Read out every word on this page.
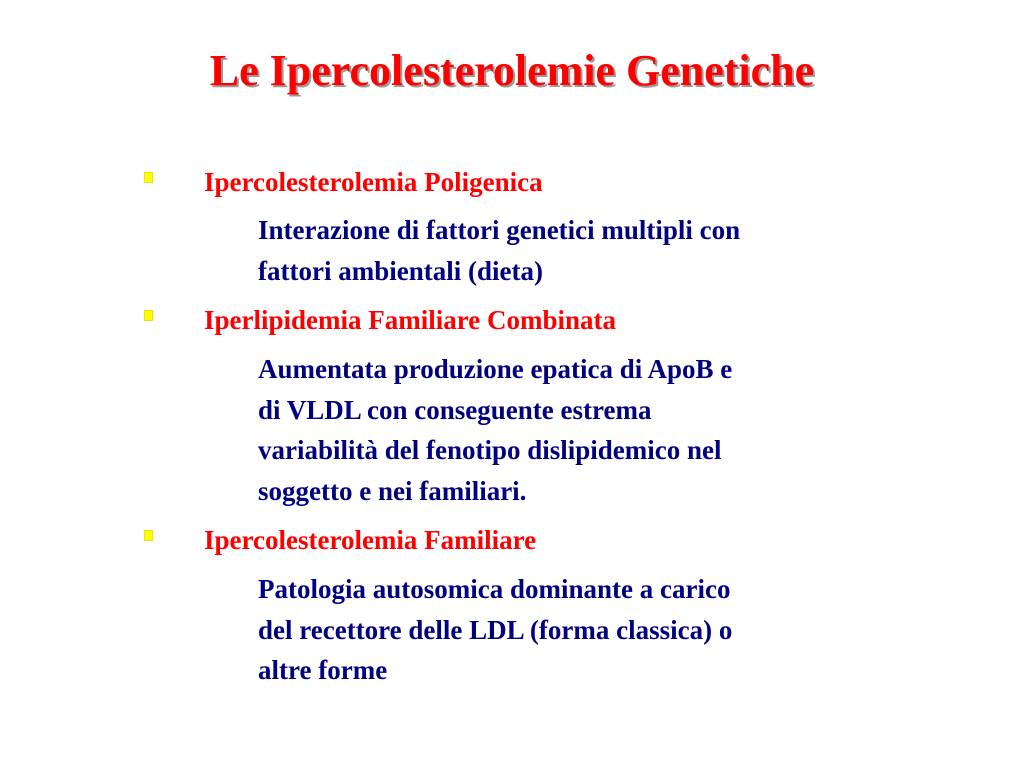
Le Ipercolesterolemie Genetiche
Ipercolesterolemia Poligenica
Interazione di fattori genetici multipli con
fattori ambientali (dieta)
Iperlipidemia Familiare Combinata
Aumentata produzione epatica di ApoB e
di VLDL con conseguente estrema
variabilità del fenotipo dislipidemico nel
soggetto e nei familiari.
Ipercolesterolemia Familiare
Patologia autosomica dominante a carico
del recettore delle LDL (forma classica) o
altre forme
